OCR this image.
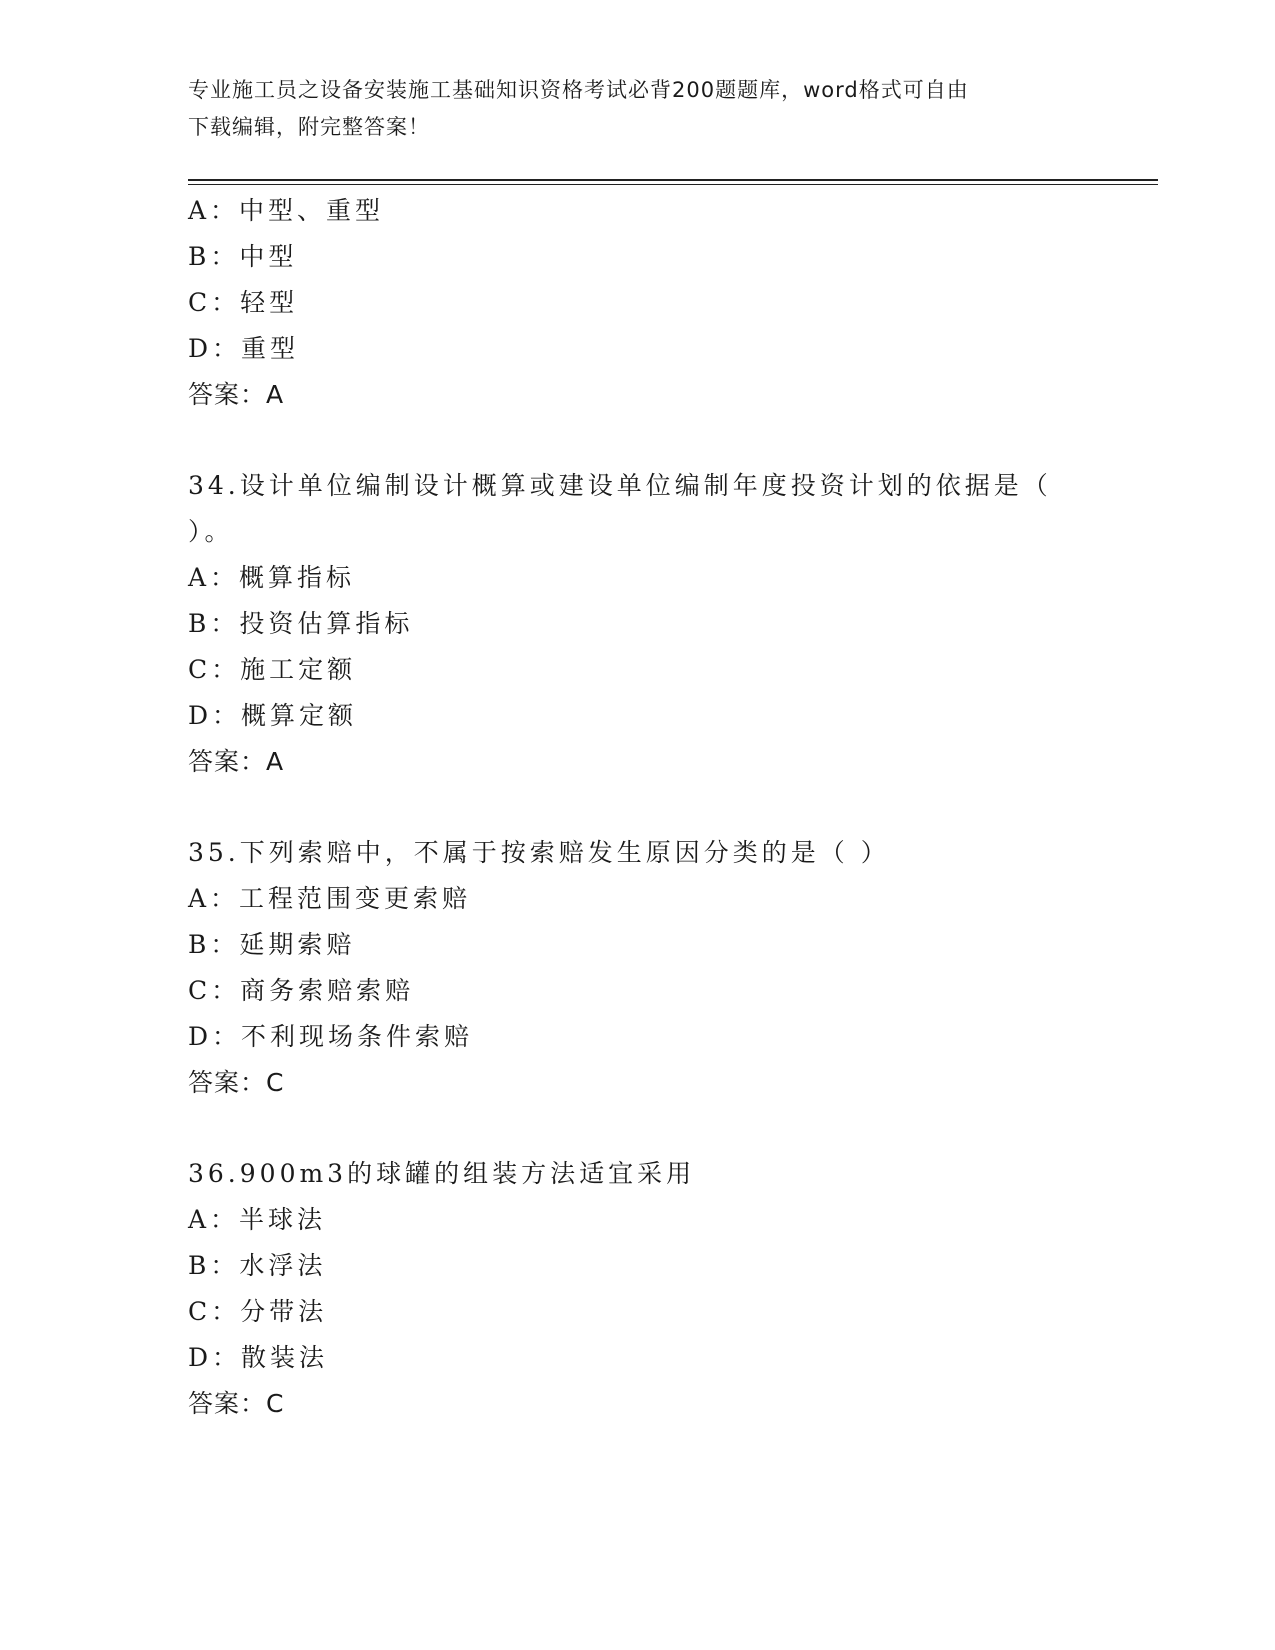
专业施工员之设备安装施工基础知识资格考试必背200题题库，word格式可自由
下载编辑，附完整答案！
A：中型、重型
B：中型
C：轻型
D：重型
答案：A
34.设计单位编制设计概算或建设单位编制年度投资计划的依据是（
）。
A：概算指标
B：投资估算指标
C：施工定额
D：概算定额
答案：A
35.下列索赔中，不属于按索赔发生原因分类的是（ ）
A：工程范围变更索赔
B：延期索赔
C：商务索赔索赔
D：不利现场条件索赔
答案：C
36.900m3的球罐的组装方法适宜采用
A：半球法
B：水浮法
C：分带法
D：散装法
答案：C
